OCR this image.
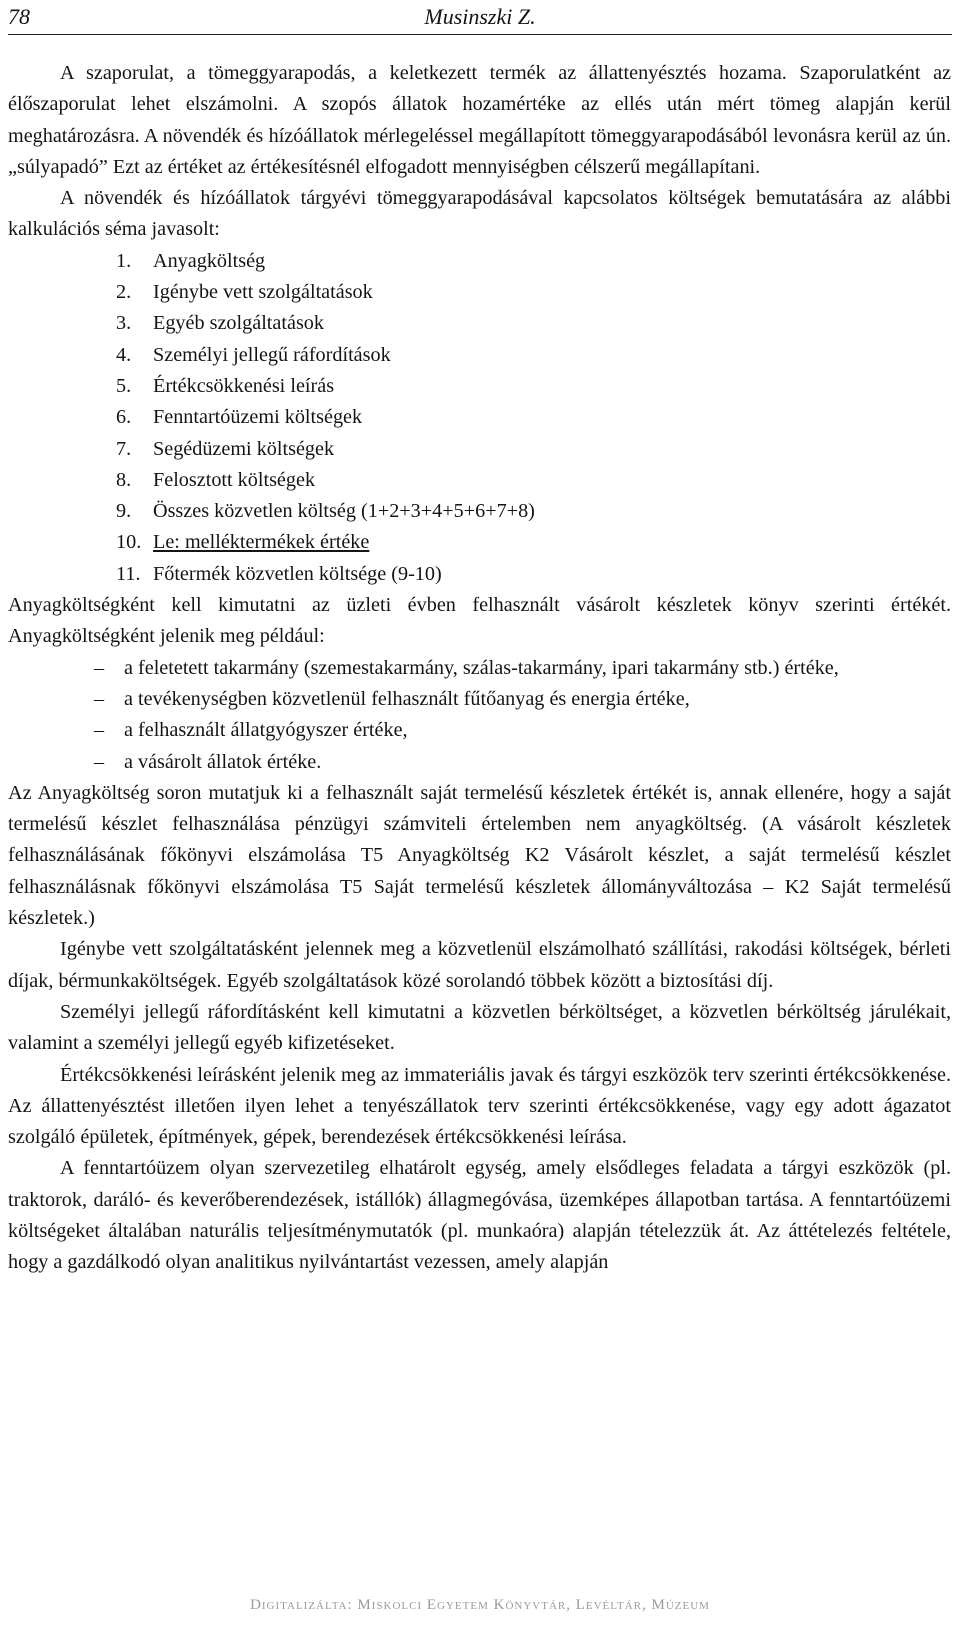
78	Musinszki Z.

A szaporulat, a tömeggyarapodás, a keletkezett termék az állattenyésztés hozama. Szaporulatként az élőszaporulat lehet elszámolni. A szopós állatok hozamértéke az ellés után mért tömeg alapján kerül meghatározásra. A növendék és hízóállatok mérlegeléssel megállapított tömeggyarapodásából levonásra kerül az ún. „súlyapadó” Ezt az értéket az értékesítésnél elfogadott mennyiségben célszerű megállapítani.

A növendék és hízóállatok tárgyévi tömeggyarapodásával kapcsolatos költségek bemutatására az alábbi kalkulációs séma javasolt:

1.	Anyagköltség
2.	Igénybe vett szolgáltatások
3.	Egyéb szolgáltatások
4.	Személyi jellegű ráfordítások
5.	Értékcsökkenési leírás
6.	Fenntartóüzemi költségek
7.	Segédüzemi költségek
8.	Felosztott költségek
9.	Összes közvetlen költség (1+2+3+4+5+6+7+8)
10. Le: melléktermékek értéke
11. Főtermék közvetlen költsége (9-10)

Anyagköltségként kell kimutatni az üzleti évben felhasznált vásárolt készletek könyv szerinti értékét. Anyagköltségként jelenik meg például:

– a feletetett takarmány (szemestakarmány, szálas-takarmány, ipari takarmány stb.) értéke,
– a tevékenységben közvetlenül felhasznált fűtőanyag és energia értéke,
– a felhasznált állatgyógyszer értéke,
– a vásárolt állatok értéke.

Az Anyagköltség soron mutatjuk ki a felhasznált saját termelésű készletek értékét is, annak ellenére, hogy a saját termelésű készlet felhasználása pénzügyi számviteli értelemben nem anyagköltség. (A vásárolt készletek felhasználásának főkönyvi elszámolása T5 Anyagköltség K2 Vásárolt készlet, a saját termelésű készlet felhasználásnak főkönyvi elszámolása T5 Saját termelésű készletek állományváltozása – K2 Saját termelésű készletek.)

Igénybe vett szolgáltatásként jelennek meg a közvetlenül elszámolható szállítási, rakodási költségek, bérleti díjak, bérmunkaköltségek. Egyéb szolgáltatások közé sorolandó többek között a biztosítási díj.

Személyi jellegű ráfordításként kell kimutatni a közvetlen bérköltséget, a közvetlen bérköltség járulékait, valamint a személyi jellegű egyéb kifizetéseket.

Értékcsökkenési leírásként jelenik meg az immateriális javak és tárgyi eszközök terv szerinti értékcsökkenése. Az állattenyésztést illetően ilyen lehet a tenyészállatok terv szerinti értékcsökkenése, vagy egy adott ágazatot szolgáló épületek, építmények, gépek, berendezések értékcsökkenési leírása.

A fenntartóüzem olyan szervezetileg elhatárolt egység, amely elsődleges feladata a tárgyi eszközök (pl. traktorok, daráló- és keverőberendezések, istállók) állagmegóvása, üzemképes állapotban tartása. A fenntartóüzemi költségeket általában naturális teljesítménymutatók (pl. munkaóra) alapján tételezzük át. Az áttételezés feltétele, hogy a gazdálkodó olyan analitikus nyilvántartást vezessen, amely alapján

Digitalizálta: Miskolci Egyetem Könyvtár, Levéltár, Múzeum
